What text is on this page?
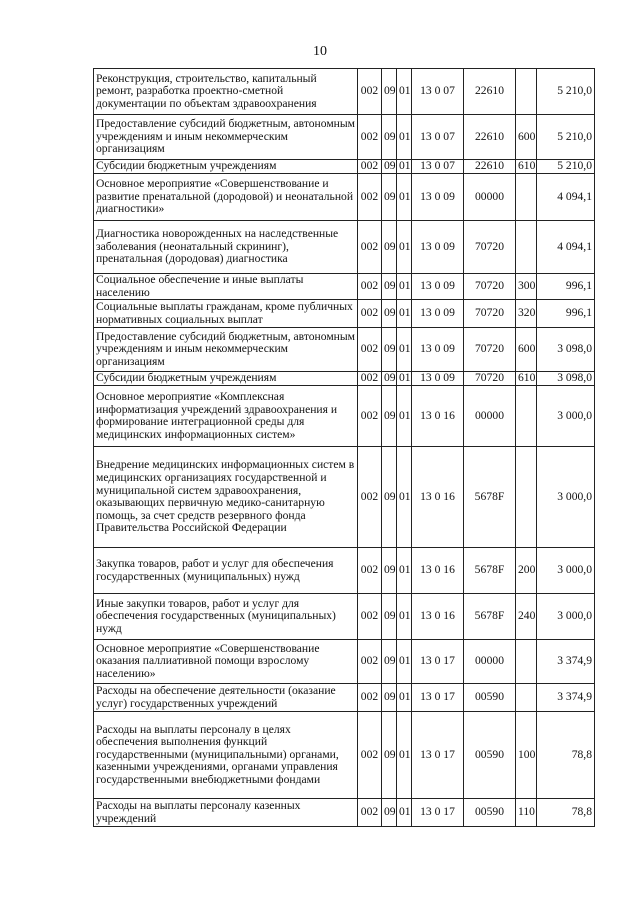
10
Реконструкция, строительство, капитальный ремонт, разработка проектно-сметной документации по объектам здравоохранения	002	09	01	13 0 07	22610		5 210,0
Предоставление субсидий бюджетным, автономным учреждениям и иным некоммерческим организациям	002	09	01	13 0 07	22610	600	5 210,0
Субсидии бюджетным учреждениям	002	09	01	13 0 07	22610	610	5 210,0
Основное мероприятие «Совершенствование и развитие пренатальной (дородовой) и неонатальной диагностики»	002	09	01	13 0 09	00000		4 094,1
Диагностика новорожденных на наследственные заболевания (неонатальный скрининг), пренатальная (дородовая) диагностика	002	09	01	13 0 09	70720		4 094,1
Социальное обеспечение и иные выплаты населению	002	09	01	13 0 09	70720	300	996,1
Социальные выплаты гражданам, кроме публичных нормативных социальных выплат	002	09	01	13 0 09	70720	320	996,1
Предоставление субсидий бюджетным, автономным учреждениям и иным некоммерческим организациям	002	09	01	13 0 09	70720	600	3 098,0
Субсидии бюджетным учреждениям	002	09	01	13 0 09	70720	610	3 098,0
Основное мероприятие «Комплексная информатизация учреждений здравоохранения и формирование интеграционной среды для медицинских информационных систем»	002	09	01	13 0 16	00000		3 000,0
Внедрение медицинских информационных систем в медицинских организациях государственной и муниципальной систем здравоохранения, оказывающих первичную медико-санитарную помощь, за счет средств резервного фонда Правительства Российской Федерации	002	09	01	13 0 16	5678F		3 000,0
Закупка товаров, работ и услуг для обеспечения государственных (муниципальных) нужд	002	09	01	13 0 16	5678F	200	3 000,0
Иные закупки товаров, работ и услуг для обеспечения государственных (муниципальных) нужд	002	09	01	13 0 16	5678F	240	3 000,0
Основное мероприятие «Совершенствование оказания паллиативной помощи взрослому населению»	002	09	01	13 0 17	00000		3 374,9
Расходы на обеспечение деятельности (оказание услуг) государственных учреждений	002	09	01	13 0 17	00590		3 374,9
Расходы на выплаты персоналу в целях обеспечения выполнения функций государственными (муниципальными) органами, казенными учреждениями, органами управления государственными внебюджетными фондами	002	09	01	13 0 17	00590	100	78,8
Расходы на выплаты персоналу казенных учреждений	002	09	01	13 0 17	00590	110	78,8
